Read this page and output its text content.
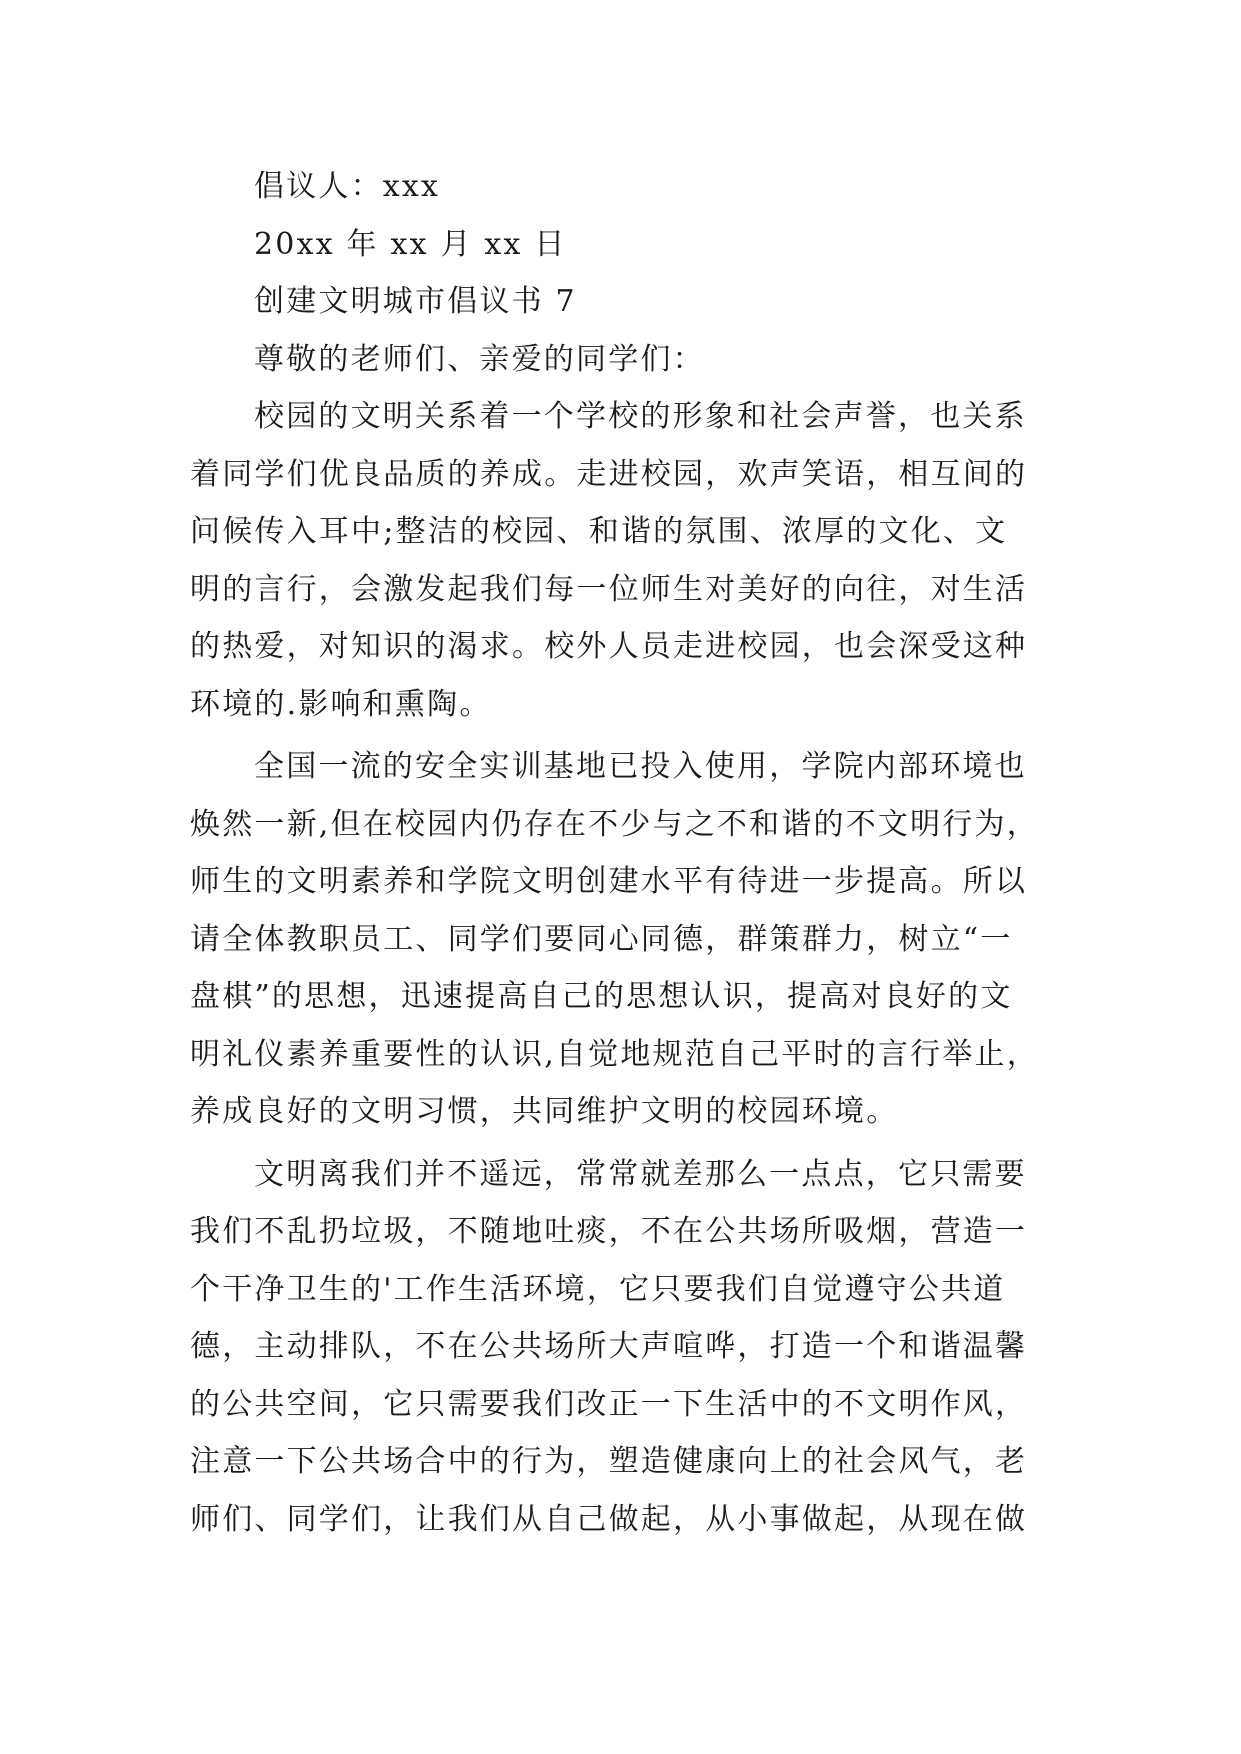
倡议人：xxx
20xx 年 xx 月 xx 日
创建文明城市倡议书 7
尊敬的老师们、亲爱的同学们：
校园的文明关系着一个学校的形象和社会声誉，也关系
着同学们优良品质的养成。走进校园，欢声笑语，相互间的
问候传入耳中;整洁的校园、和谐的氛围、浓厚的文化、文
明的言行，会激发起我们每一位师生对美好的向往，对生活
的热爱，对知识的渴求。校外人员走进校园，也会深受这种
环境的.影响和熏陶。
全国一流的安全实训基地已投入使用，学院内部环境也
焕然一新,但在校园内仍存在不少与之不和谐的不文明行为，
师生的文明素养和学院文明创建水平有待进一步提高。所以
请全体教职员工、同学们要同心同德，群策群力，树立“一
盘棋”的思想，迅速提高自己的思想认识，提高对良好的文
明礼仪素养重要性的认识,自觉地规范自己平时的言行举止，
养成良好的文明习惯，共同维护文明的校园环境。
文明离我们并不遥远，常常就差那么一点点，它只需要
我们不乱扔垃圾，不随地吐痰，不在公共场所吸烟，营造一
个干净卫生的'工作生活环境，它只要我们自觉遵守公共道
德，主动排队，不在公共场所大声喧哗，打造一个和谐温馨
的公共空间，它只需要我们改正一下生活中的不文明作风，
注意一下公共场合中的行为，塑造健康向上的社会风气，老
师们、同学们，让我们从自己做起，从小事做起，从现在做
